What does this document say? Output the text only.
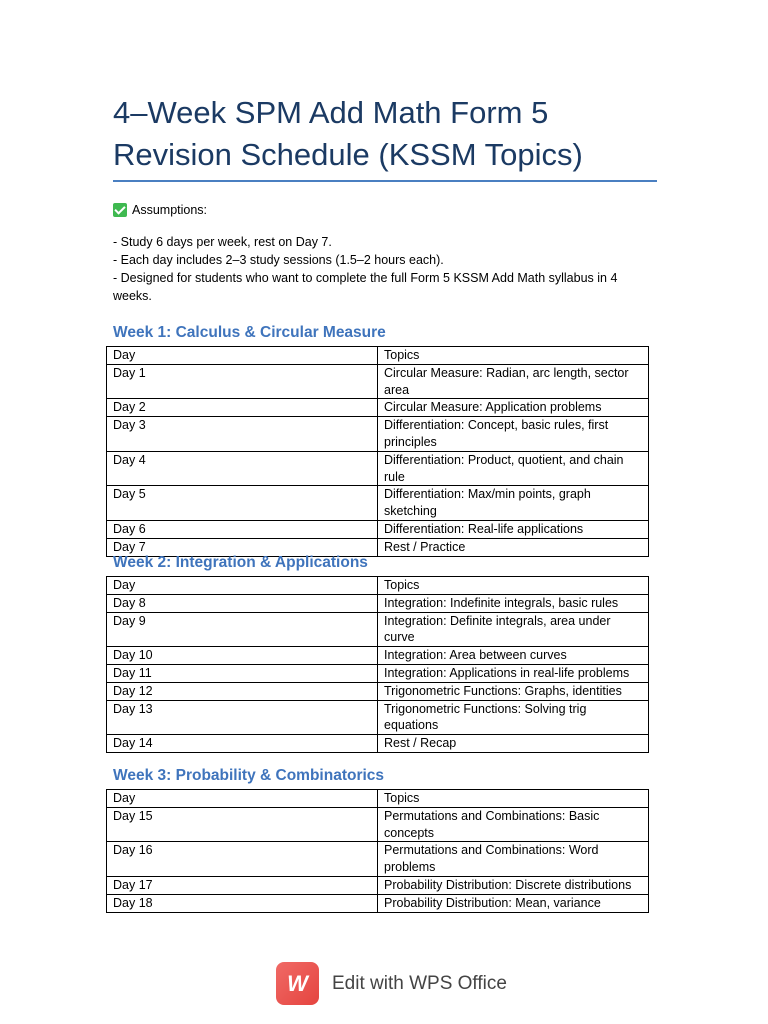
4–Week SPM Add Math Form 5 Revision Schedule (KSSM Topics)
Assumptions:
- Study 6 days per week, rest on Day 7.
- Each day includes 2–3 study sessions (1.5–2 hours each).
- Designed for students who want to complete the full Form 5 KSSM Add Math syllabus in 4 weeks.
Week 1: Calculus & Circular Measure
Day	Topics
Day 1	Circular Measure: Radian, arc length, sector area
Day 2	Circular Measure: Application problems
Day 3	Differentiation: Concept, basic rules, first principles
Day 4	Differentiation: Product, quotient, and chain rule
Day 5	Differentiation: Max/min points, graph sketching
Day 6	Differentiation: Real-life applications
Day 7	Rest / Practice
Week 2: Integration & Applications
Day	Topics
Day 8	Integration: Indefinite integrals, basic rules
Day 9	Integration: Definite integrals, area under curve
Day 10	Integration: Area between curves
Day 11	Integration: Applications in real-life problems
Day 12	Trigonometric Functions: Graphs, identities
Day 13	Trigonometric Functions: Solving trig equations
Day 14	Rest / Recap
Week 3: Probability & Combinatorics
Day	Topics
Day 15	Permutations and Combinations: Basic concepts
Day 16	Permutations and Combinations: Word problems
Day 17	Probability Distribution: Discrete distributions
Day 18	Probability Distribution: Mean, variance
W	Edit with WPS Office
